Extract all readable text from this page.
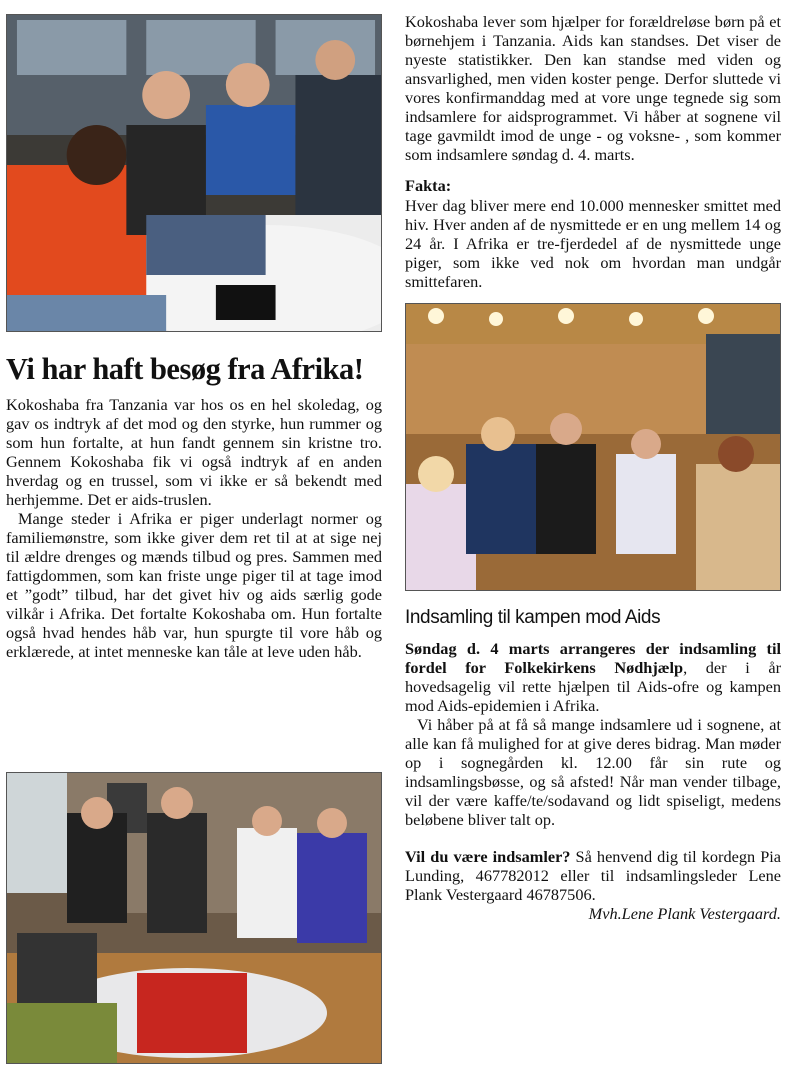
Vi har haft besøg fra Afrika!

Kokoshaba fra Tanzania var hos os en hel skoledag, og gav os indtryk af det mod og den styrke, hun rummer og som hun fortalte, at hun fandt gennem sin kristne tro. Gennem Kokoshaba fik vi også indtryk af en anden hverdag og en trussel, som vi ikke er så bekendt med herhjemme. Det er aids-truslen.

Mange steder i Afrika er piger underlagt normer og familiemønstre, som ikke giver dem ret til at at sige nej til ældre drenges og mænds tilbud og pres. Sammen med fattigdommen, som kan friste unge piger til at tage imod et ”godt” tilbud, har det givet hiv og aids særlig gode vilkår i Afrika. Det fortalte Kokoshaba om. Hun fortalte også hvad hendes håb var, hun spurgte til vore håb og erklærede, at intet menneske kan tåle at leve uden håb.

Kokoshaba lever som hjælper for forældreløse børn på et børnehjem i Tanzania. Aids kan standses. Det viser de nyeste statistikker. Den kan standse med viden og ansvarlighed, men viden koster penge. Derfor sluttede vi vores konfirmanddag med at vore unge tegnede sig som indsamlere for aidsprogrammet. Vi håber at sognene vil tage gavmildt imod de unge - og voksne- , som kommer som indsamlere søndag d. 4. marts.

Fakta:

Hver dag bliver mere end 10.000 mennesker smittet med hiv. Hver anden af de nysmittede er en ung mellem 14 og 24 år. I Afrika er tre-fjerdedel af de nysmittede unge piger, som ikke ved nok om hvordan man undgår smittefaren.

Indsamling til kampen mod Aids

Søndag d. 4 marts arrangeres der indsamling til fordel for Folkekirkens Nødhjælp, der i år hovedsagelig vil rette hjælpen til Aids-ofre og kampen mod Aids-epidemien i Afrika.

Vi håber på at få så mange indsamlere ud i sognene, at alle kan få mulighed for at give deres bidrag. Man møder op i sognegården kl. 12.00 får sin rute og indsamlingsbøsse, og så afsted! Når man vender tilbage, vil der være kaffe/te/sodavand og lidt spiseligt, medens beløbene bliver talt op.

Vil du være indsamler? Så henvend dig til kordegn Pia Lunding, 467782012 eller til indsamlingsleder Lene Plank Vestergaard 46787506.
Mvh.Lene Plank Vestergaard.
